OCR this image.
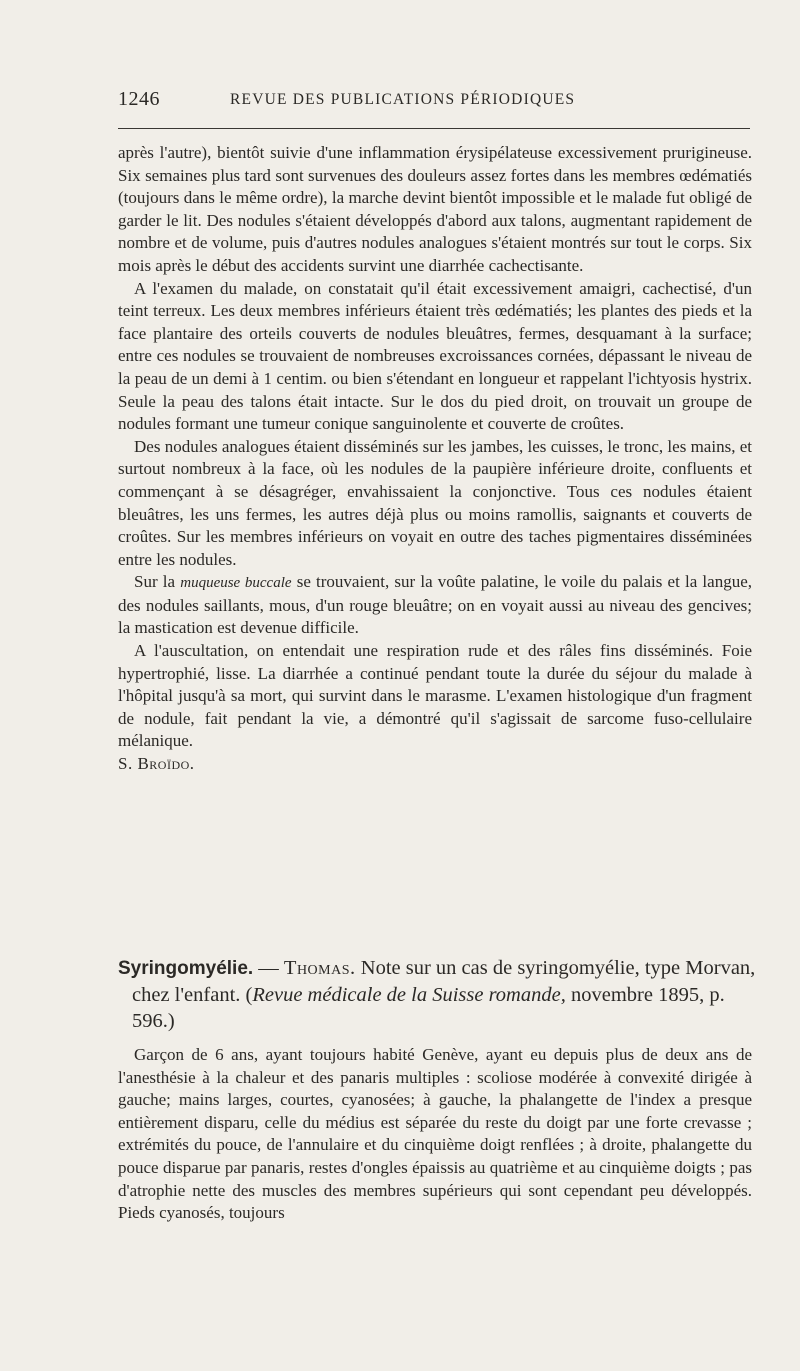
1246	REVUE DES PUBLICATIONS PÉRIODIQUES

après l'autre), bientôt suivie d'une inflammation érysipélateuse excessivement prurigineuse. Six semaines plus tard sont survenues des douleurs assez fortes dans les membres œdématiés (toujours dans le même ordre), la marche devint bientôt impossible et le malade fut obligé de garder le lit. Des nodules s'étaient développés d'abord aux talons, augmentant rapidement de nombre et de volume, puis d'autres nodules analogues s'étaient montrés sur tout le corps. Six mois après le début des accidents survint une diarrhée cachectisante.

A l'examen du malade, on constatait qu'il était excessivement amaigri, cachectisé, d'un teint terreux. Les deux membres inférieurs étaient très œdématiés; les plantes des pieds et la face plantaire des orteils couverts de nodules bleuâtres, fermes, desquamant à la surface; entre ces nodules se trouvaient de nombreuses excroissances cornées, dépassant le niveau de la peau de un demi à 1 centim. ou bien s'étendant en longueur et rappelant l'ichtyosis hystrix. Seule la peau des talons était intacte. Sur le dos du pied droit, on trouvait un groupe de nodules formant une tumeur conique sanguinolente et couverte de croûtes.

Des nodules analogues étaient disséminés sur les jambes, les cuisses, le tronc, les mains, et surtout nombreux à la face, où les nodules de la paupière inférieure droite, confluents et commençant à se désagréger, envahissaient la conjonctive. Tous ces nodules étaient bleuâtres, les uns fermes, les autres déjà plus ou moins ramollis, saignants et couverts de croûtes. Sur les membres inférieurs on voyait en outre des taches pigmentaires disséminées entre les nodules.

Sur la muqueuse buccale se trouvaient, sur la voûte palatine, le voile du palais et la langue, des nodules saillants, mous, d'un rouge bleuâtre; on en voyait aussi au niveau des gencives; la mastication est devenue difficile.

A l'auscultation, on entendait une respiration rude et des râles fins disséminés. Foie hypertrophié, lisse. La diarrhée a continué pendant toute la durée du séjour du malade à l'hôpital jusqu'à sa mort, qui survint dans le marasme. L'examen histologique d'un fragment de nodule, fait pendant la vie, a démontré qu'il s'agissait de sarcome fuso-cellulaire mélanique.

S. Broïdo.

Syringomyélie. — Thomas. Note sur un cas de syringomyélie, type Morvan, chez l'enfant. (Revue médicale de la Suisse romande, novembre 1895, p. 596.)

Garçon de 6 ans, ayant toujours habité Genève, ayant eu depuis plus de deux ans de l'anesthésie à la chaleur et des panaris multiples : scoliose modérée à convexité dirigée à gauche; mains larges, courtes, cyanosées; à gauche, la phalangette de l'index a presque entièrement disparu, celle du médius est séparée du reste du doigt par une forte crevasse ; extrémités du pouce, de l'annulaire et du cinquième doigt renflées ; à droite, phalangette du pouce disparue par panaris, restes d'ongles épaissis au quatrième et au cinquième doigts ; pas d'atrophie nette des muscles des membres supérieurs qui sont cependant peu développés. Pieds cyanosés, toujours
